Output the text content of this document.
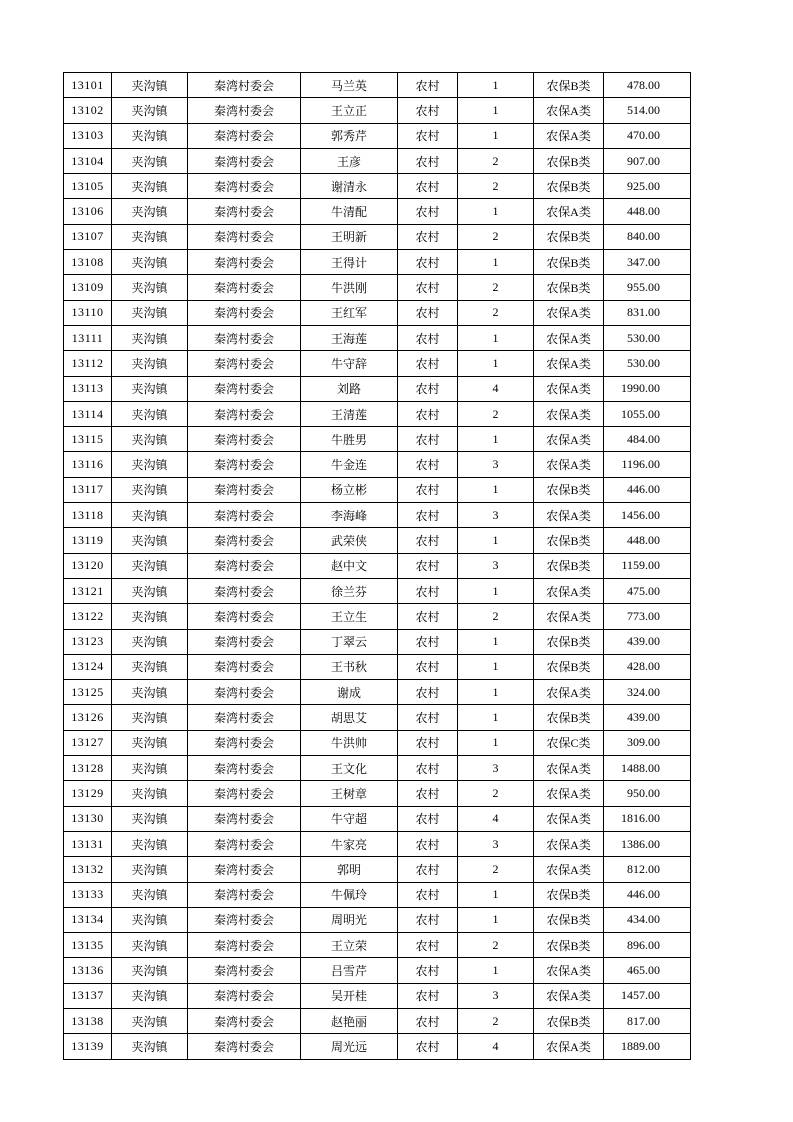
13101	夹沟镇	秦湾村委会	马兰英	农村	1	农保B类	478.00
13102	夹沟镇	秦湾村委会	王立正	农村	1	农保A类	514.00
13103	夹沟镇	秦湾村委会	郭秀芹	农村	1	农保A类	470.00
13104	夹沟镇	秦湾村委会	王彦	农村	2	农保B类	907.00
13105	夹沟镇	秦湾村委会	谢清永	农村	2	农保B类	925.00
13106	夹沟镇	秦湾村委会	牛清配	农村	1	农保A类	448.00
13107	夹沟镇	秦湾村委会	王明新	农村	2	农保B类	840.00
13108	夹沟镇	秦湾村委会	王得计	农村	1	农保B类	347.00
13109	夹沟镇	秦湾村委会	牛洪刚	农村	2	农保B类	955.00
13110	夹沟镇	秦湾村委会	王红军	农村	2	农保A类	831.00
13111	夹沟镇	秦湾村委会	王海莲	农村	1	农保A类	530.00
13112	夹沟镇	秦湾村委会	牛守辞	农村	1	农保A类	530.00
13113	夹沟镇	秦湾村委会	刘路	农村	4	农保A类	1990.00
13114	夹沟镇	秦湾村委会	王清莲	农村	2	农保A类	1055.00
13115	夹沟镇	秦湾村委会	牛胜男	农村	1	农保A类	484.00
13116	夹沟镇	秦湾村委会	牛金连	农村	3	农保A类	1196.00
13117	夹沟镇	秦湾村委会	杨立彬	农村	1	农保B类	446.00
13118	夹沟镇	秦湾村委会	李海峰	农村	3	农保A类	1456.00
13119	夹沟镇	秦湾村委会	武荣侠	农村	1	农保B类	448.00
13120	夹沟镇	秦湾村委会	赵中文	农村	3	农保B类	1159.00
13121	夹沟镇	秦湾村委会	徐兰芬	农村	1	农保A类	475.00
13122	夹沟镇	秦湾村委会	王立生	农村	2	农保A类	773.00
13123	夹沟镇	秦湾村委会	丁翠云	农村	1	农保B类	439.00
13124	夹沟镇	秦湾村委会	王书秋	农村	1	农保B类	428.00
13125	夹沟镇	秦湾村委会	谢成	农村	1	农保A类	324.00
13126	夹沟镇	秦湾村委会	胡思艾	农村	1	农保B类	439.00
13127	夹沟镇	秦湾村委会	牛洪帅	农村	1	农保C类	309.00
13128	夹沟镇	秦湾村委会	王文化	农村	3	农保A类	1488.00
13129	夹沟镇	秦湾村委会	王树章	农村	2	农保A类	950.00
13130	夹沟镇	秦湾村委会	牛守超	农村	4	农保A类	1816.00
13131	夹沟镇	秦湾村委会	牛家亮	农村	3	农保A类	1386.00
13132	夹沟镇	秦湾村委会	郭明	农村	2	农保A类	812.00
13133	夹沟镇	秦湾村委会	牛佩玲	农村	1	农保B类	446.00
13134	夹沟镇	秦湾村委会	周明光	农村	1	农保B类	434.00
13135	夹沟镇	秦湾村委会	王立荣	农村	2	农保B类	896.00
13136	夹沟镇	秦湾村委会	吕雪芹	农村	1	农保A类	465.00
13137	夹沟镇	秦湾村委会	吴开桂	农村	3	农保A类	1457.00
13138	夹沟镇	秦湾村委会	赵艳丽	农村	2	农保B类	817.00
13139	夹沟镇	秦湾村委会	周光远	农村	4	农保A类	1889.00
